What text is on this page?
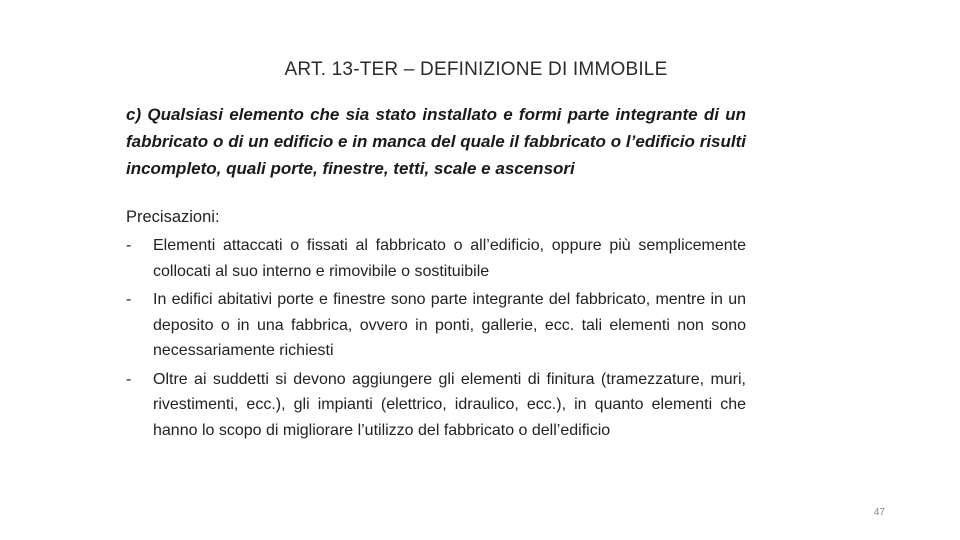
ART. 13-TER – DEFINIZIONE DI IMMOBILE
c) Qualsiasi elemento che sia stato installato e formi parte integrante di un fabbricato o di un edificio e in manca del quale il fabbricato o l’edificio risulti incompleto, quali porte, finestre, tetti, scale e ascensori
Precisazioni:
- Elementi attaccati o fissati al fabbricato o all’edificio, oppure più semplicemente collocati al suo interno e rimovibile o sostituibile
- In edifici abitativi porte e finestre sono parte integrante del fabbricato, mentre in un deposito o in una fabbrica, ovvero in ponti, gallerie, ecc. tali elementi non sono necessariamente richiesti
- Oltre ai suddetti si devono aggiungere gli elementi di finitura (tramezzature, muri, rivestimenti, ecc.), gli impianti (elettrico, idraulico, ecc.), in quanto elementi che hanno lo scopo di migliorare l’utilizzo del fabbricato o dell’edificio
47
